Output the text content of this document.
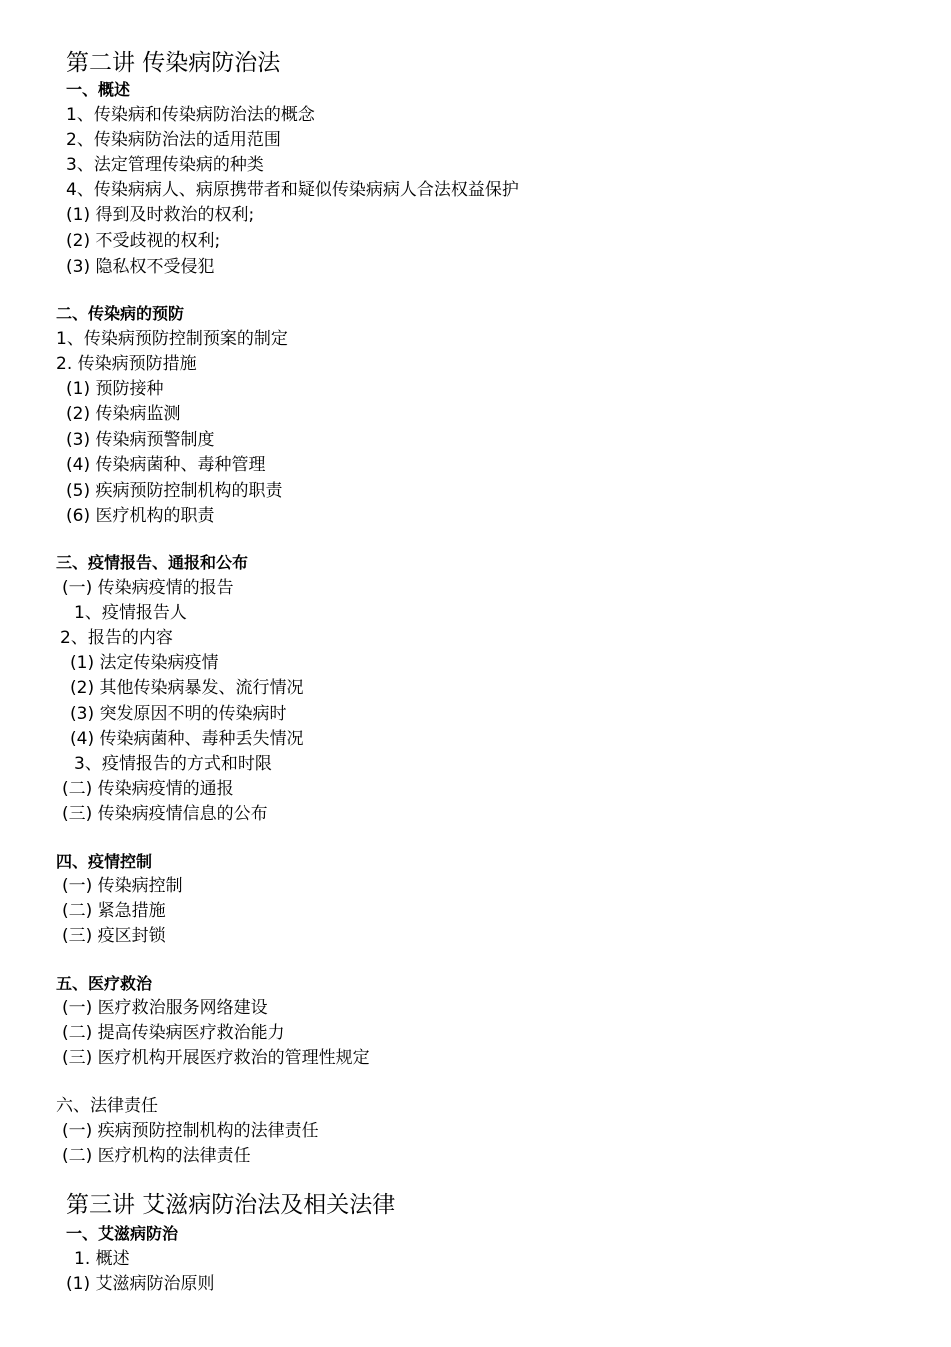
第二讲 传染病防治法
一、概述
1、传染病和传染病防治法的概念
2、传染病防治法的适用范围
3、法定管理传染病的种类
4、传染病病人、病原携带者和疑似传染病病人合法权益保护
(1) 得到及时救治的权利;
(2) 不受歧视的权利;
(3) 隐私权不受侵犯
二、传染病的预防
1、传染病预防控制预案的制定
2. 传染病预防措施
(1) 预防接种
(2) 传染病监测
(3) 传染病预警制度
(4) 传染病菌种、毒种管理
(5) 疾病预防控制机构的职责
(6) 医疗机构的职责
三、疫情报告、通报和公布
(一) 传染病疫情的报告
1、疫情报告人
2、报告的内容
(1) 法定传染病疫情
(2) 其他传染病暴发、流行情况
(3) 突发原因不明的传染病时
(4) 传染病菌种、毒种丢失情况
3、疫情报告的方式和时限
(二) 传染病疫情的通报
(三) 传染病疫情信息的公布
四、疫情控制
(一) 传染病控制
(二) 紧急措施
(三) 疫区封锁
五、医疗救治
(一) 医疗救治服务网络建设
(二) 提高传染病医疗救治能力
(三) 医疗机构开展医疗救治的管理性规定
六、法律责任
(一) 疾病预防控制机构的法律责任
(二) 医疗机构的法律责任
第三讲 艾滋病防治法及相关法律
一、艾滋病防治
1. 概述
(1) 艾滋病防治原则
